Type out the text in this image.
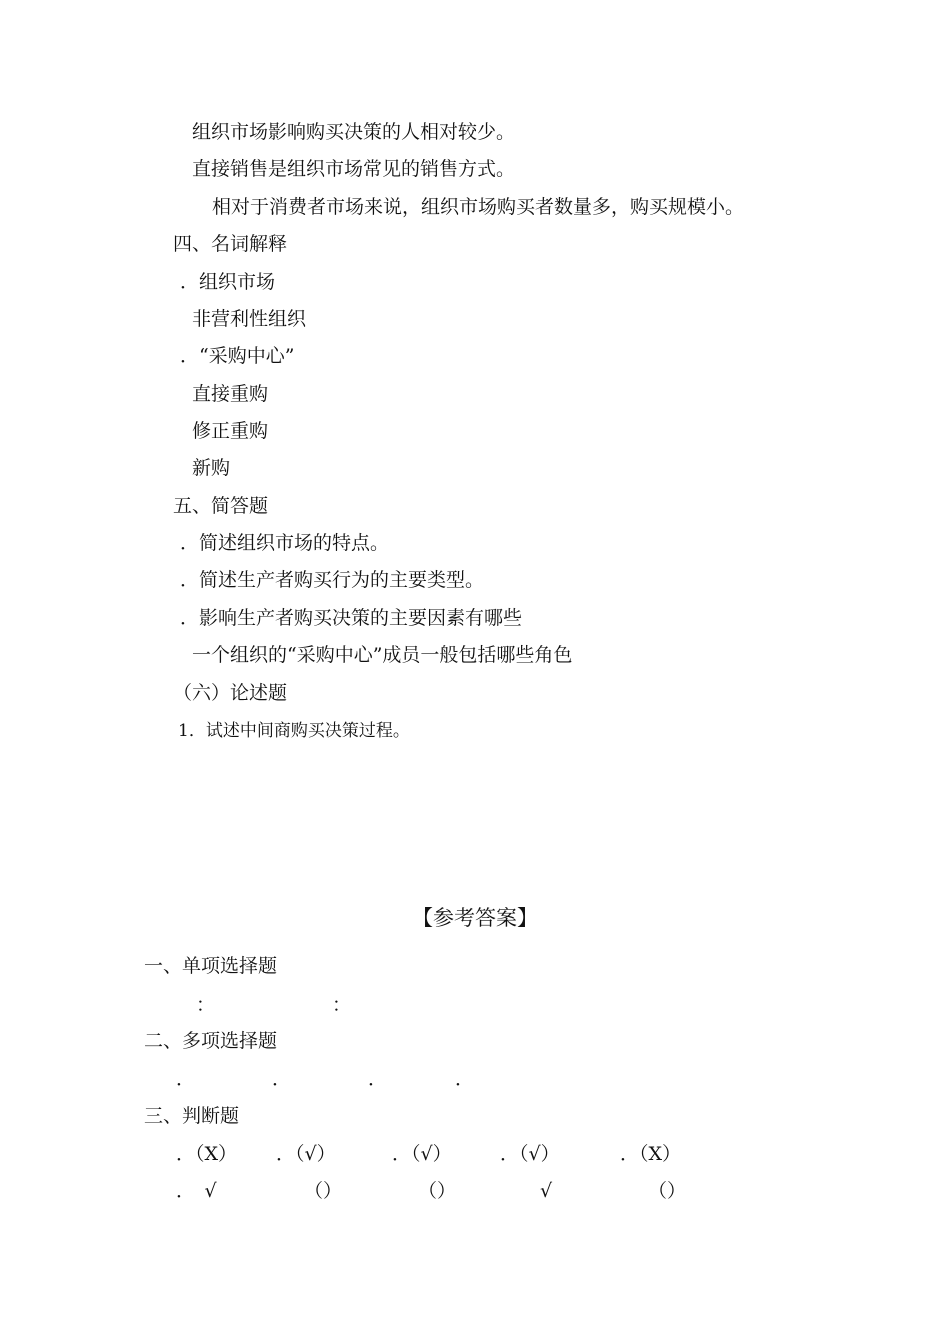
组织市场影响购买决策的人相对较少。
直接销售是组织市场常见的销售方式。
相对于消费者市场来说，组织市场购买者数量多，购买规模小。
四、名词解释
．组织市场
非营利性组织
．“采购中心”
直接重购
修正重购
新购
五、简答题
．简述组织市场的特点。
．简述生产者购买行为的主要类型。
．影响生产者购买决策的主要因素有哪些
一个组织的“采购中心”成员一般包括哪些角色
（六）论述题
1．试述中间商购买决策过程。
【参考答案】
一、单项选择题
：	：
二、多项选择题
．	．	．	．
三、判断题
．（X） ．（√）	．（√）	．（√）	．（X）
．　√	（）	（）	√	（）
